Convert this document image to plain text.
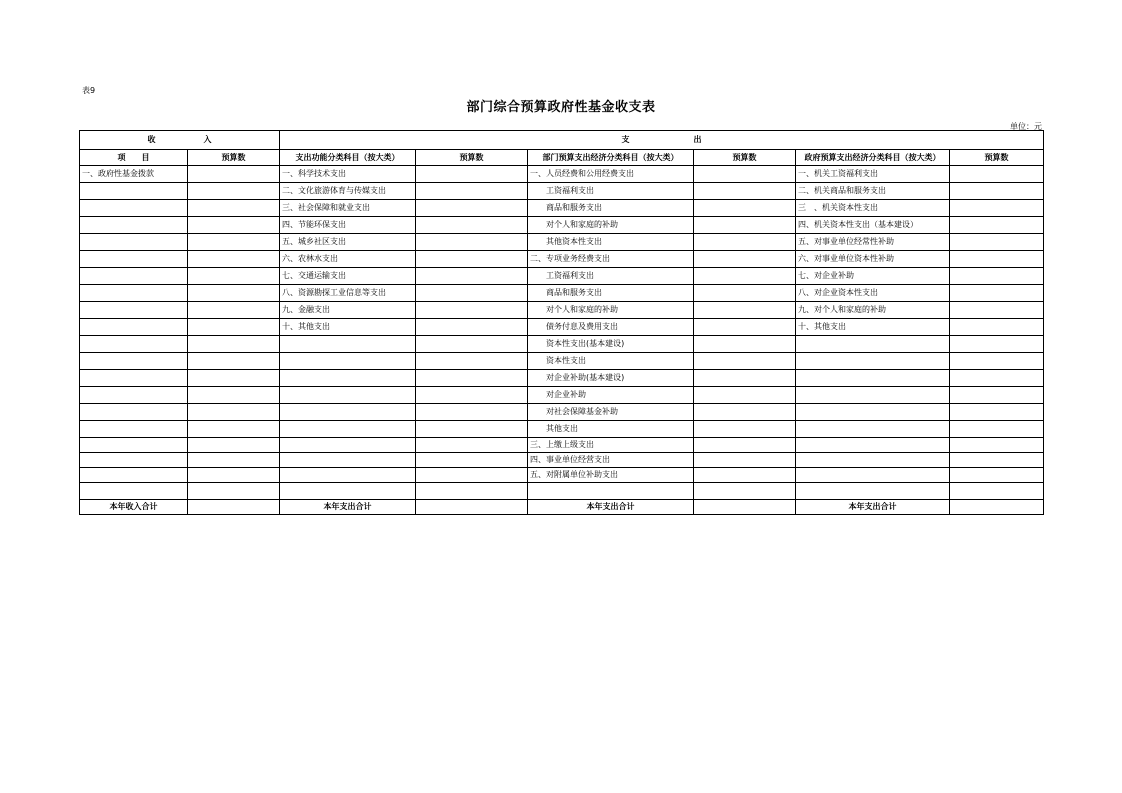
表9
部门综合预算政府性基金收支表
单位：元
收　　　　　　入		支　　　　　　　　出					
项　　目	预算数	支出功能分类科目（按大类）	预算数	部门预算支出经济分类科目（按大类）	预算数	政府预算支出经济分类科目（按大类）	预算数
一、政府性基金拨款		一、科学技术支出		一、人员经费和公用经费支出		一、机关工资福利支出	
		二、文化旅游体育与传媒支出		工资福利支出		二、机关商品和服务支出	
		三、社会保障和就业支出		商品和服务支出		三　、机关资本性支出	
		四、节能环保支出		对个人和家庭的补助		四、机关资本性支出（基本建设）	
		五、城乡社区支出		其他资本性支出		五、对事业单位经常性补助	
		六、农林水支出		二、专项业务经费支出		六、对事业单位资本性补助	
		七、交通运输支出		工资福利支出		七、对企业补助	
		八、资源勘探工业信息等支出		商品和服务支出		八、对企业资本性支出	
		九、金融支出		对个人和家庭的补助		九、对个人和家庭的补助	
		十、其他支出		债务付息及费用支出		十、其他支出	
				资本性支出(基本建设)			
				资本性支出			
				对企业补助(基本建设)			
				对企业补助			
				对社会保障基金补助			
				其他支出			
				三、上缴上级支出			
				四、事业单位经营支出			
				五、对附属单位补助支出			

本年收入合计		本年支出合计		本年支出合计		本年支出合计	
